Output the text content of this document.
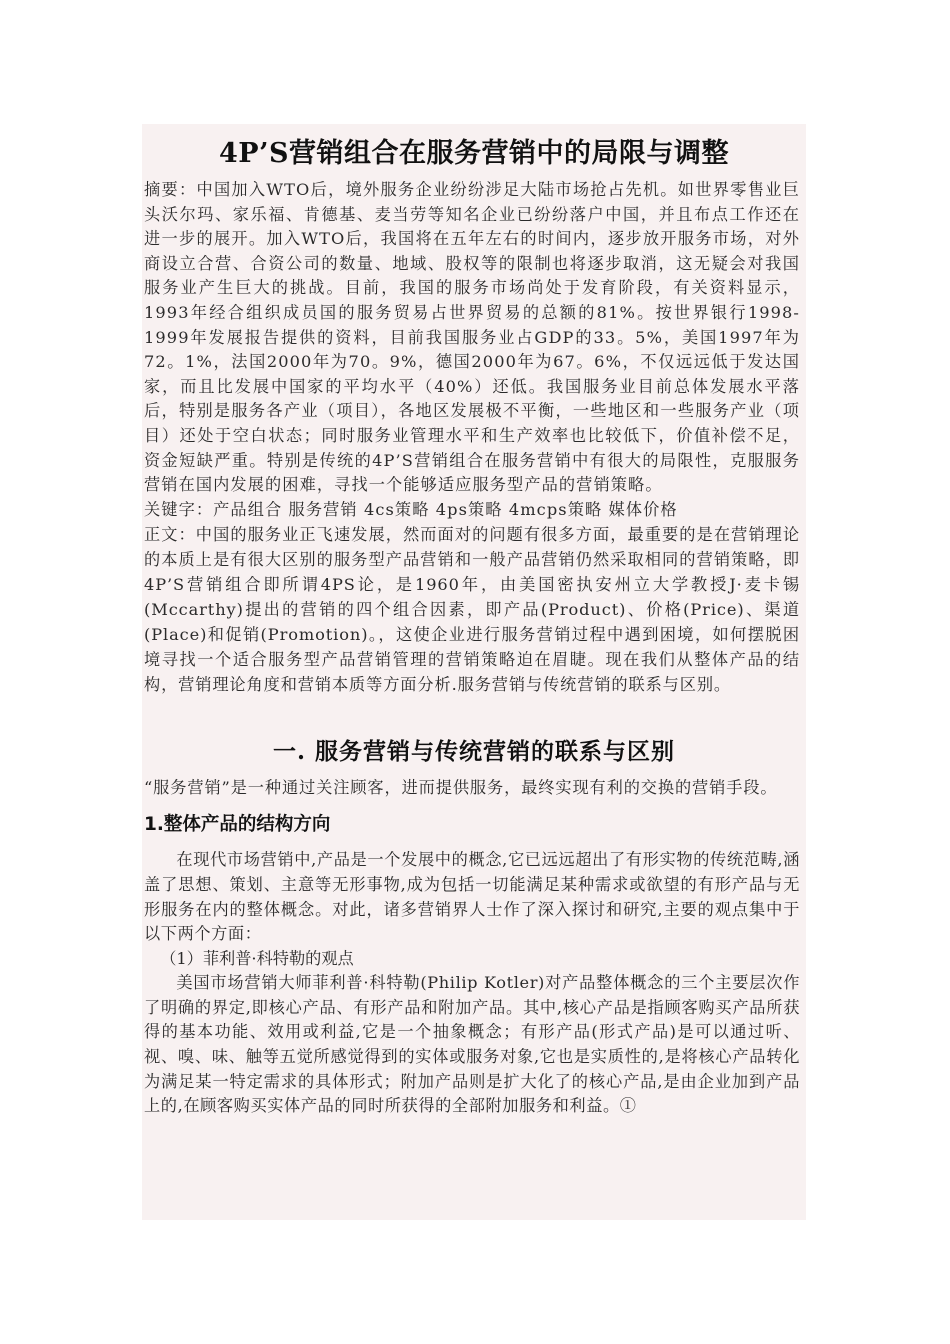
4P’S营销组合在服务营销中的局限与调整

摘要：中国加入WTO后，境外服务企业纷纷涉足大陆市场抢占先机。如世界零售业巨头沃尔玛、家乐福、肯德基、麦当劳等知名企业已纷纷落户中国，并且布点工作还在进一步的展开。加入WTO后，我国将在五年左右的时间内，逐步放开服务市场，对外商设立合营、合资公司的数量、地域、股权等的限制也将逐步取消，这无疑会对我国服务业产生巨大的挑战。目前，我国的服务市场尚处于发育阶段，有关资料显示，1993年经合组织成员国的服务贸易占世界贸易的总额的81%。按世界银行1998-1999年发展报告提供的资料，目前我国服务业占GDP的33。5%，美国1997年为72。1%，法国2000年为70。9%，德国2000年为67。6%，不仅远远低于发达国家，而且比发展中国家的平均水平（40%）还低。我国服务业目前总体发展水平落后，特别是服务各产业（项目），各地区发展极不平衡，一些地区和一些服务产业（项目）还处于空白状态；同时服务业管理水平和生产效率也比较低下，价值补偿不足，资金短缺严重。特别是传统的4P’S营销组合在服务营销中有很大的局限性，克服服务营销在国内发展的困难，寻找一个能够适应服务型产品的营销策略。

关键字：产品组合 服务营销 4cs策略 4ps策略 4mcps策略 媒体价格

正文：中国的服务业正飞速发展，然而面对的问题有很多方面，最重要的是在营销理论的本质上是有很大区别的服务型产品营销和一般产品营销仍然采取相同的营销策略，即4P’S营销组合即所谓4PS论，是1960年，由美国密执安州立大学教授J·麦卡锡(Mccarthy)提出的营销的四个组合因素，即产品(Product)、价格(Price)、渠道(Place)和促销(Promotion)。，这使企业进行服务营销过程中遇到困境，如何摆脱困境寻找一个适合服务型产品营销管理的营销策略迫在眉睫。现在我们从整体产品的结构，营销理论角度和营销本质等方面分析.服务营销与传统营销的联系与区别。

一. 服务营销与传统营销的联系与区别

“服务营销”是一种通过关注顾客，进而提供服务，最终实现有利的交换的营销手段。

1.整体产品的结构方向

在现代市场营销中,产品是一个发展中的概念,它已远远超出了有形实物的传统范畴,涵盖了思想、策划、主意等无形事物,成为包括一切能满足某种需求或欲望的有形产品与无形服务在内的整体概念。对此，诸多营销界人士作了深入探讨和研究,主要的观点集中于以下两个方面：

（1）菲利普·科特勒的观点

美国市场营销大师菲利普·科特勒(Philip Kotler)对产品整体概念的三个主要层次作了明确的界定,即核心产品、有形产品和附加产品。其中,核心产品是指顾客购买产品所获得的基本功能、效用或利益,它是一个抽象概念；有形产品(形式产品)是可以通过听、视、嗅、味、触等五觉所感觉得到的实体或服务对象,它也是实质性的,是将核心产品转化为满足某一特定需求的具体形式；附加产品则是扩大化了的核心产品,是由企业加到产品上的,在顾客购买实体产品的同时所获得的全部附加服务和利益。①
